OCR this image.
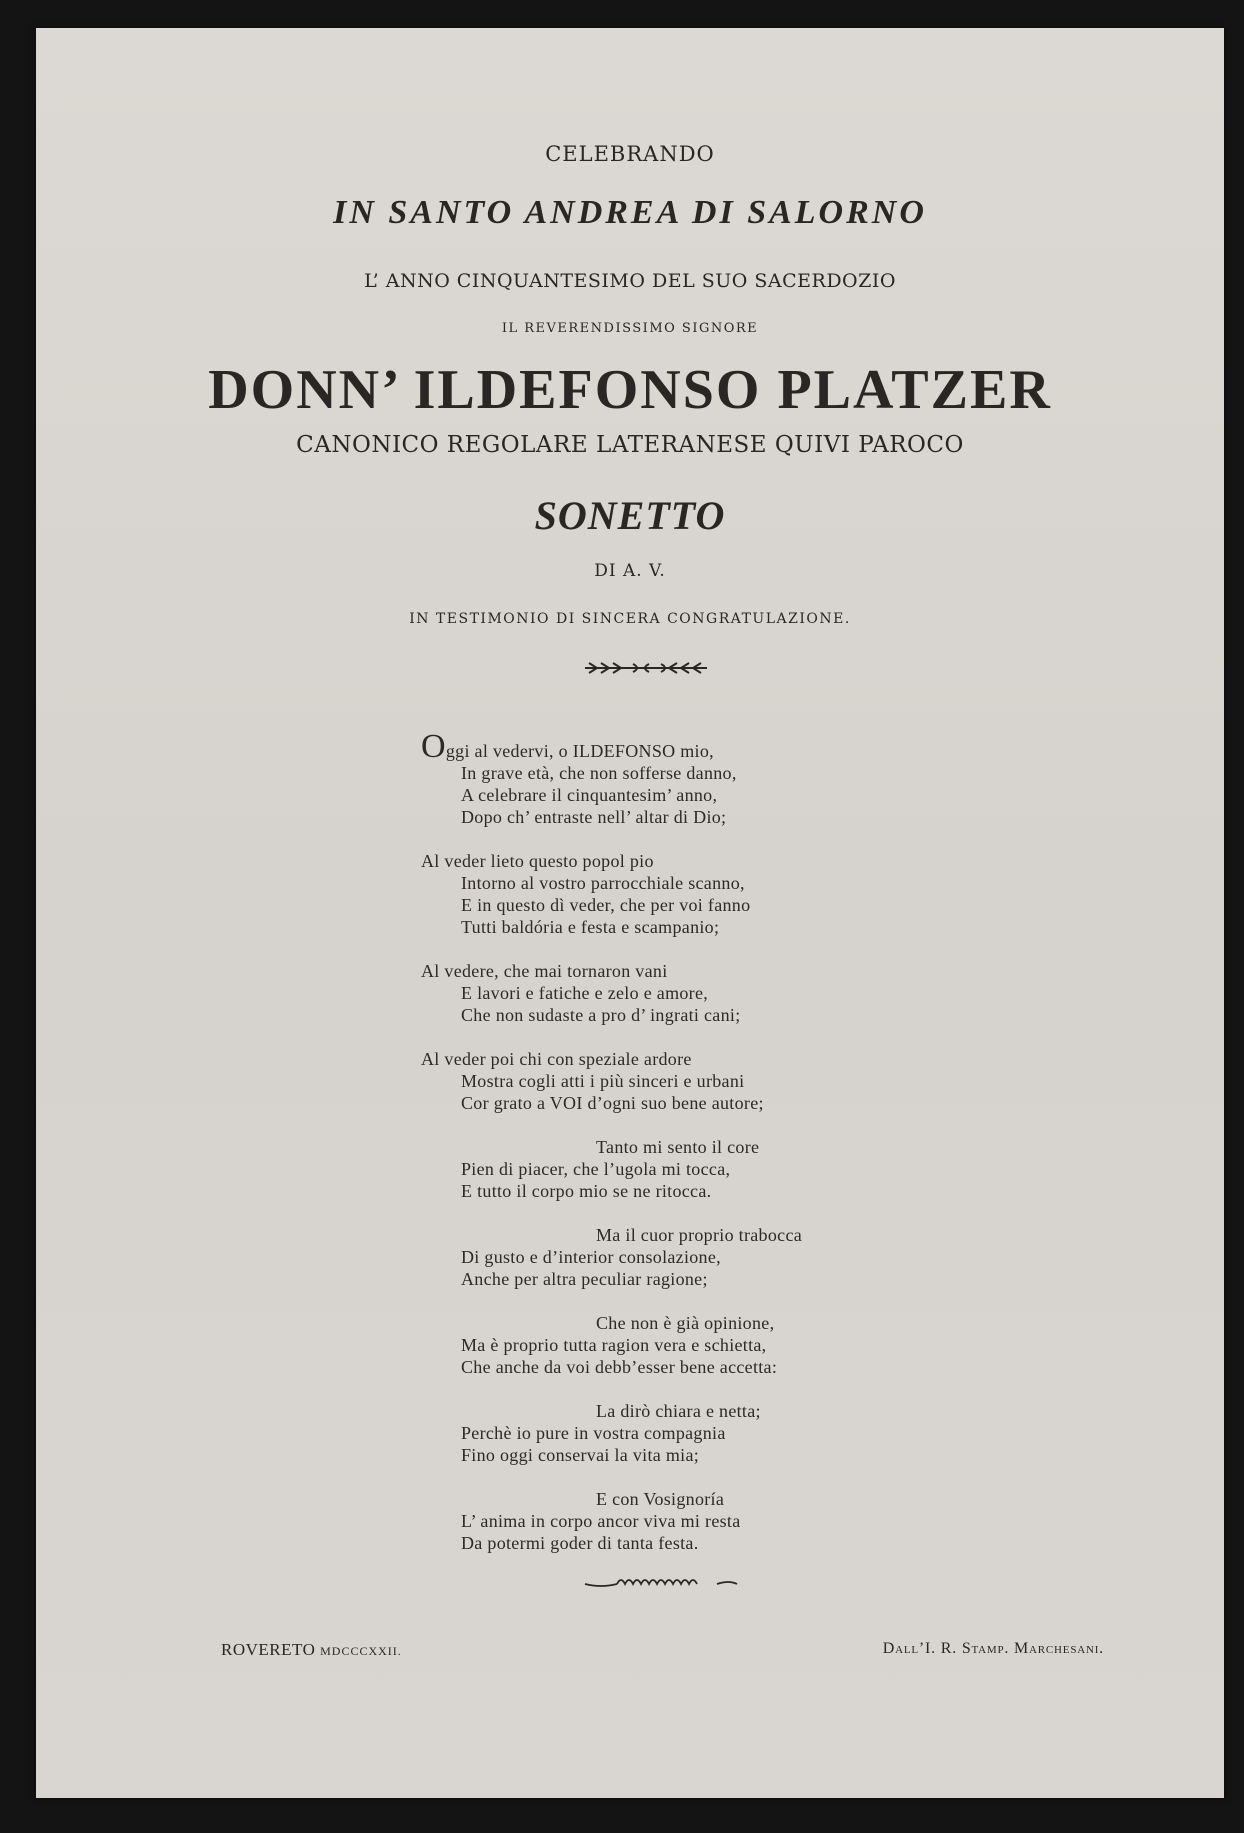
CELEBRANDO
IN SANTO ANDREA DI SALORNO
L’ ANNO CINQUANTESIMO DEL SUO SACERDOZIO
IL REVERENDISSIMO SIGNORE
DONN’ ILDEFONSO PLATZER
CANONICO REGOLARE LATERANESE QUIVI PAROCO
SONETTO
DI A. V.
IN TESTIMONIO DI SINCERA CONGRATULAZIONE.
Oggi al vedervi, o ILDEFONSO mio,
In grave età, che non sofferse danno,
A celebrare il cinquantesim’ anno,
Dopo ch’ entraste nell’ altar di Dio;
Al veder lieto questo popol pio
Intorno al vostro parrocchiale scanno,
E in questo dì veder, che per voi fanno
Tutti baldória e festa e scampanio;
Al vedere, che mai tornaron vani
E lavori e fatiche e zelo e amore,
Che non sudaste a pro d’ ingrati cani;
Al veder poi chi con speziale ardore
Mostra cogli atti i più sinceri e urbani
Cor grato a VOI d’ogni suo bene autore;
Tanto mi sento il core
Pien di piacer, che l’ugola mi tocca,
E tutto il corpo mio se ne ritocca.
Ma il cuor proprio trabocca
Di gusto e d’interior consolazione,
Anche per altra peculiar ragione;
Che non è già opinione,
Ma è proprio tutta ragion vera e schietta,
Che anche da voi debb’esser bene accetta:
La dirò chiara e netta;
Perchè io pure in vostra compagnia
Fino oggi conservai la vita mia;
E con Vosignoría
L’ anima in corpo ancor viva mi resta
Da potermi goder di tanta festa.
ROVERETO MDCCCXXII.	Dall’I. R. Stamp. Marchesani.
